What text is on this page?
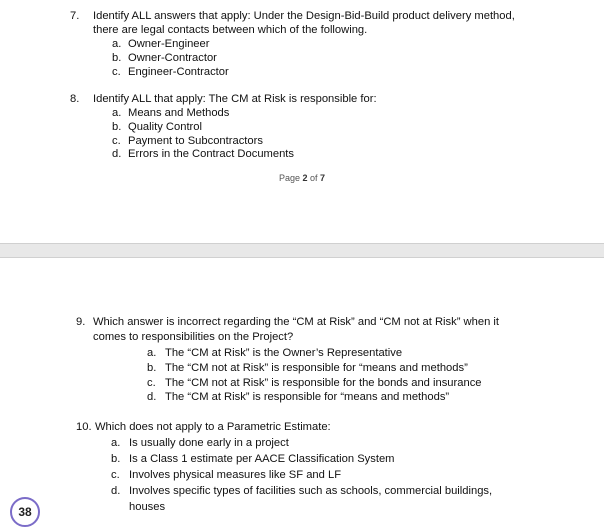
7. Identify ALL answers that apply: Under the Design-Bid-Build product delivery method,
there are legal contacts between which of the following.
a. Owner-Engineer
b. Owner-Contractor
c. Engineer-Contractor
8. Identify ALL that apply: The CM at Risk is responsible for:
a. Means and Methods
b. Quality Control
c. Payment to Subcontractors
d. Errors in the Contract Documents
Page 2 of 7
9. Which answer is incorrect regarding the “CM at Risk” and “CM not at Risk” when it
comes to responsibilities on the Project?
a. The “CM at Risk” is the Owner’s Representative
b. The “CM not at Risk” is responsible for “means and methods”
c. The “CM not at Risk” is responsible for the bonds and insurance
d. The “CM at Risk” is responsible for “means and methods”
10. Which does not apply to a Parametric Estimate:
a. Is usually done early in a project
b. Is a Class 1 estimate per AACE Classification System
c. Involves physical measures like SF and LF
d. Involves specific types of facilities such as schools, commercial buildings,
houses
38
